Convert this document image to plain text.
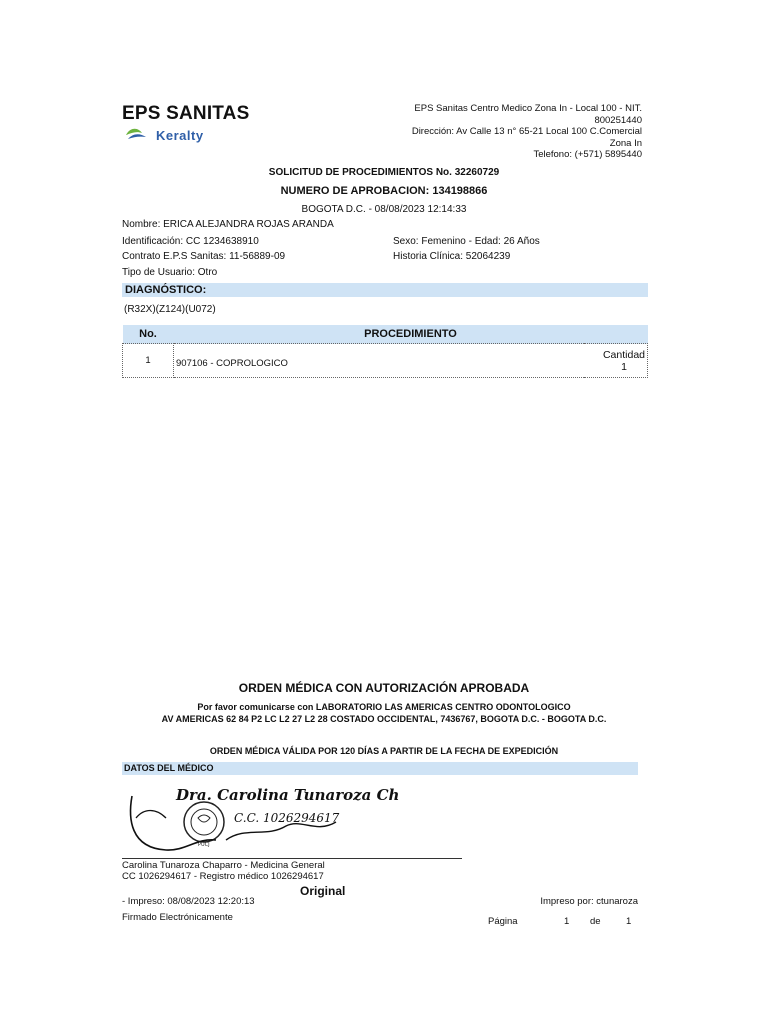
EPS SANITAS
Keralty
EPS Sanitas Centro Medico Zona In - Local 100 - NIT.
800251440
Dirección: Av Calle 13 n° 65-21 Local 100 C.Comercial
Zona In
Telefono: (+571) 5895440
SOLICITUD DE PROCEDIMIENTOS No. 32260729
NUMERO DE APROBACION: 134198866
BOGOTA D.C. - 08/08/2023 12:14:33
Nombre: ERICA ALEJANDRA ROJAS ARANDA
Identificación: CC 1234638910
Contrato E.P.S Sanitas: 11-56889-09
Tipo de Usuario: Otro
Sexo: Femenino - Edad: 26 Años
Historia Clínica: 52064239
DIAGNÓSTICO:
(R32X)(Z124)(U072)
No.	PROCEDIMIENTO	
1	907106 - COPROLOGICO	Cantidad
1
ORDEN MÉDICA CON AUTORIZACIÓN APROBADA
Por favor comunicarse con LABORATORIO LAS AMERICAS CENTRO ODONTOLOGICO
AV AMERICAS 62 84 P2 LC L2 27 L2 28 COSTADO OCCIDENTAL, 7436767, BOGOTA D.C. - BOGOTA D.C.
ORDEN MÉDICA VÁLIDA POR 120 DÍAS A PARTIR DE LA FECHA DE EXPEDICIÓN
DATOS DEL MÉDICO
PUCJ
Dra. Carolina Tunaroza Ch
C.C. 1026294617
Carolina Tunaroza Chaparro - Medicina General
CC 1026294617 - Registro médico 1026294617
Original
- Impreso: 08/08/2023 12:20:13	Impreso por: ctunaroza
Firmado Electrónicamente	Página	1	de	1
